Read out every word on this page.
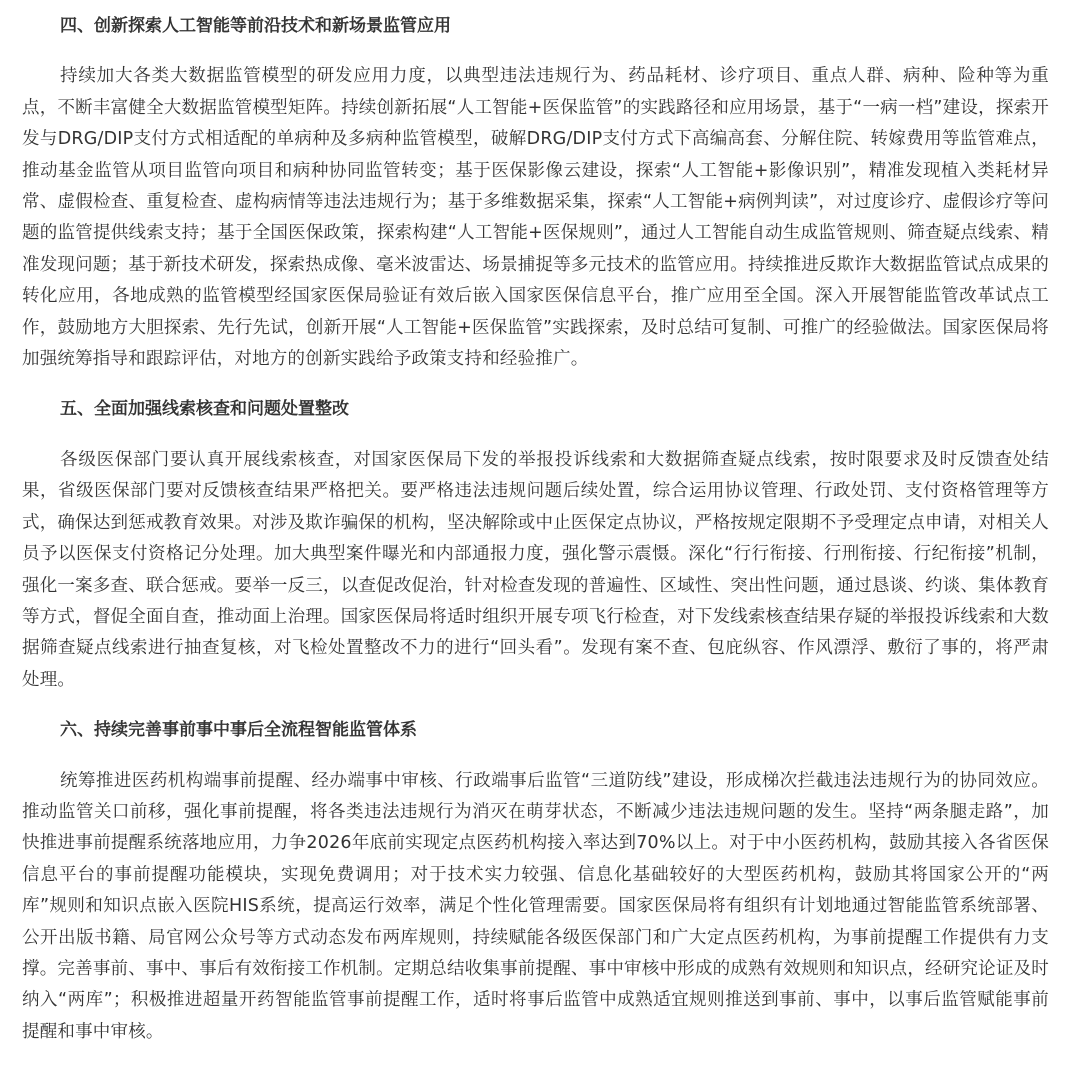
四、创新探索人工智能等前沿技术和新场景监管应用

持续加大各类大数据监管模型的研发应用力度，以典型违法违规行为、药品耗材、诊疗项目、重点人群、病种、险种等为重点，不断丰富健全大数据监管模型矩阵。持续创新拓展“人工智能+医保监管”的实践路径和应用场景，基于“一病一档”建设，探索开发与DRG/DIP支付方式相适配的单病种及多病种监管模型，破解DRG/DIP支付方式下高编高套、分解住院、转嫁费用等监管难点，推动基金监管从项目监管向项目和病种协同监管转变；基于医保影像云建设，探索“人工智能+影像识别”，精准发现植入类耗材异常、虚假检查、重复检查、虚构病情等违法违规行为；基于多维数据采集，探索“人工智能+病例判读”，对过度诊疗、虚假诊疗等问题的监管提供线索支持；基于全国医保政策，探索构建“人工智能+医保规则”，通过人工智能自动生成监管规则、筛查疑点线索、精准发现问题；基于新技术研发，探索热成像、毫米波雷达、场景捕捉等多元技术的监管应用。持续推进反欺诈大数据监管试点成果的转化应用，各地成熟的监管模型经国家医保局验证有效后嵌入国家医保信息平台，推广应用至全国。深入开展智能监管改革试点工作，鼓励地方大胆探索、先行先试，创新开展“人工智能+医保监管”实践探索，及时总结可复制、可推广的经验做法。国家医保局将加强统筹指导和跟踪评估，对地方的创新实践给予政策支持和经验推广。

五、全面加强线索核查和问题处置整改

各级医保部门要认真开展线索核查，对国家医保局下发的举报投诉线索和大数据筛查疑点线索，按时限要求及时反馈查处结果，省级医保部门要对反馈核查结果严格把关。要严格违法违规问题后续处置，综合运用协议管理、行政处罚、支付资格管理等方式，确保达到惩戒教育效果。对涉及欺诈骗保的机构，坚决解除或中止医保定点协议，严格按规定限期不予受理定点申请，对相关人员予以医保支付资格记分处理。加大典型案件曝光和内部通报力度，强化警示震慑。深化“行行衔接、行刑衔接、行纪衔接”机制，强化一案多查、联合惩戒。要举一反三，以查促改促治，针对检查发现的普遍性、区域性、突出性问题，通过恳谈、约谈、集体教育等方式，督促全面自查，推动面上治理。国家医保局将适时组织开展专项飞行检查，对下发线索核查结果存疑的举报投诉线索和大数据筛查疑点线索进行抽查复核，对飞检处置整改不力的进行“回头看”。发现有案不查、包庇纵容、作风漂浮、敷衍了事的，将严肃处理。

六、持续完善事前事中事后全流程智能监管体系

统筹推进医药机构端事前提醒、经办端事中审核、行政端事后监管“三道防线”建设，形成梯次拦截违法违规行为的协同效应。推动监管关口前移，强化事前提醒，将各类违法违规行为消灭在萌芽状态，不断减少违法违规问题的发生。坚持“两条腿走路”，加快推进事前提醒系统落地应用，力争2026年底前实现定点医药机构接入率达到70%以上。对于中小医药机构，鼓励其接入各省医保信息平台的事前提醒功能模块，实现免费调用；对于技术实力较强、信息化基础较好的大型医药机构，鼓励其将国家公开的“两库”规则和知识点嵌入医院HIS系统，提高运行效率，满足个性化管理需要。国家医保局将有组织有计划地通过智能监管系统部署、公开出版书籍、局官网公众号等方式动态发布两库规则，持续赋能各级医保部门和广大定点医药机构，为事前提醒工作提供有力支撑。完善事前、事中、事后有效衔接工作机制。定期总结收集事前提醒、事中审核中形成的成熟有效规则和知识点，经研究论证及时纳入“两库”；积极推进超量开药智能监管事前提醒工作，适时将事后监管中成熟适宜规则推送到事前、事中，以事后监管赋能事前提醒和事中审核。
